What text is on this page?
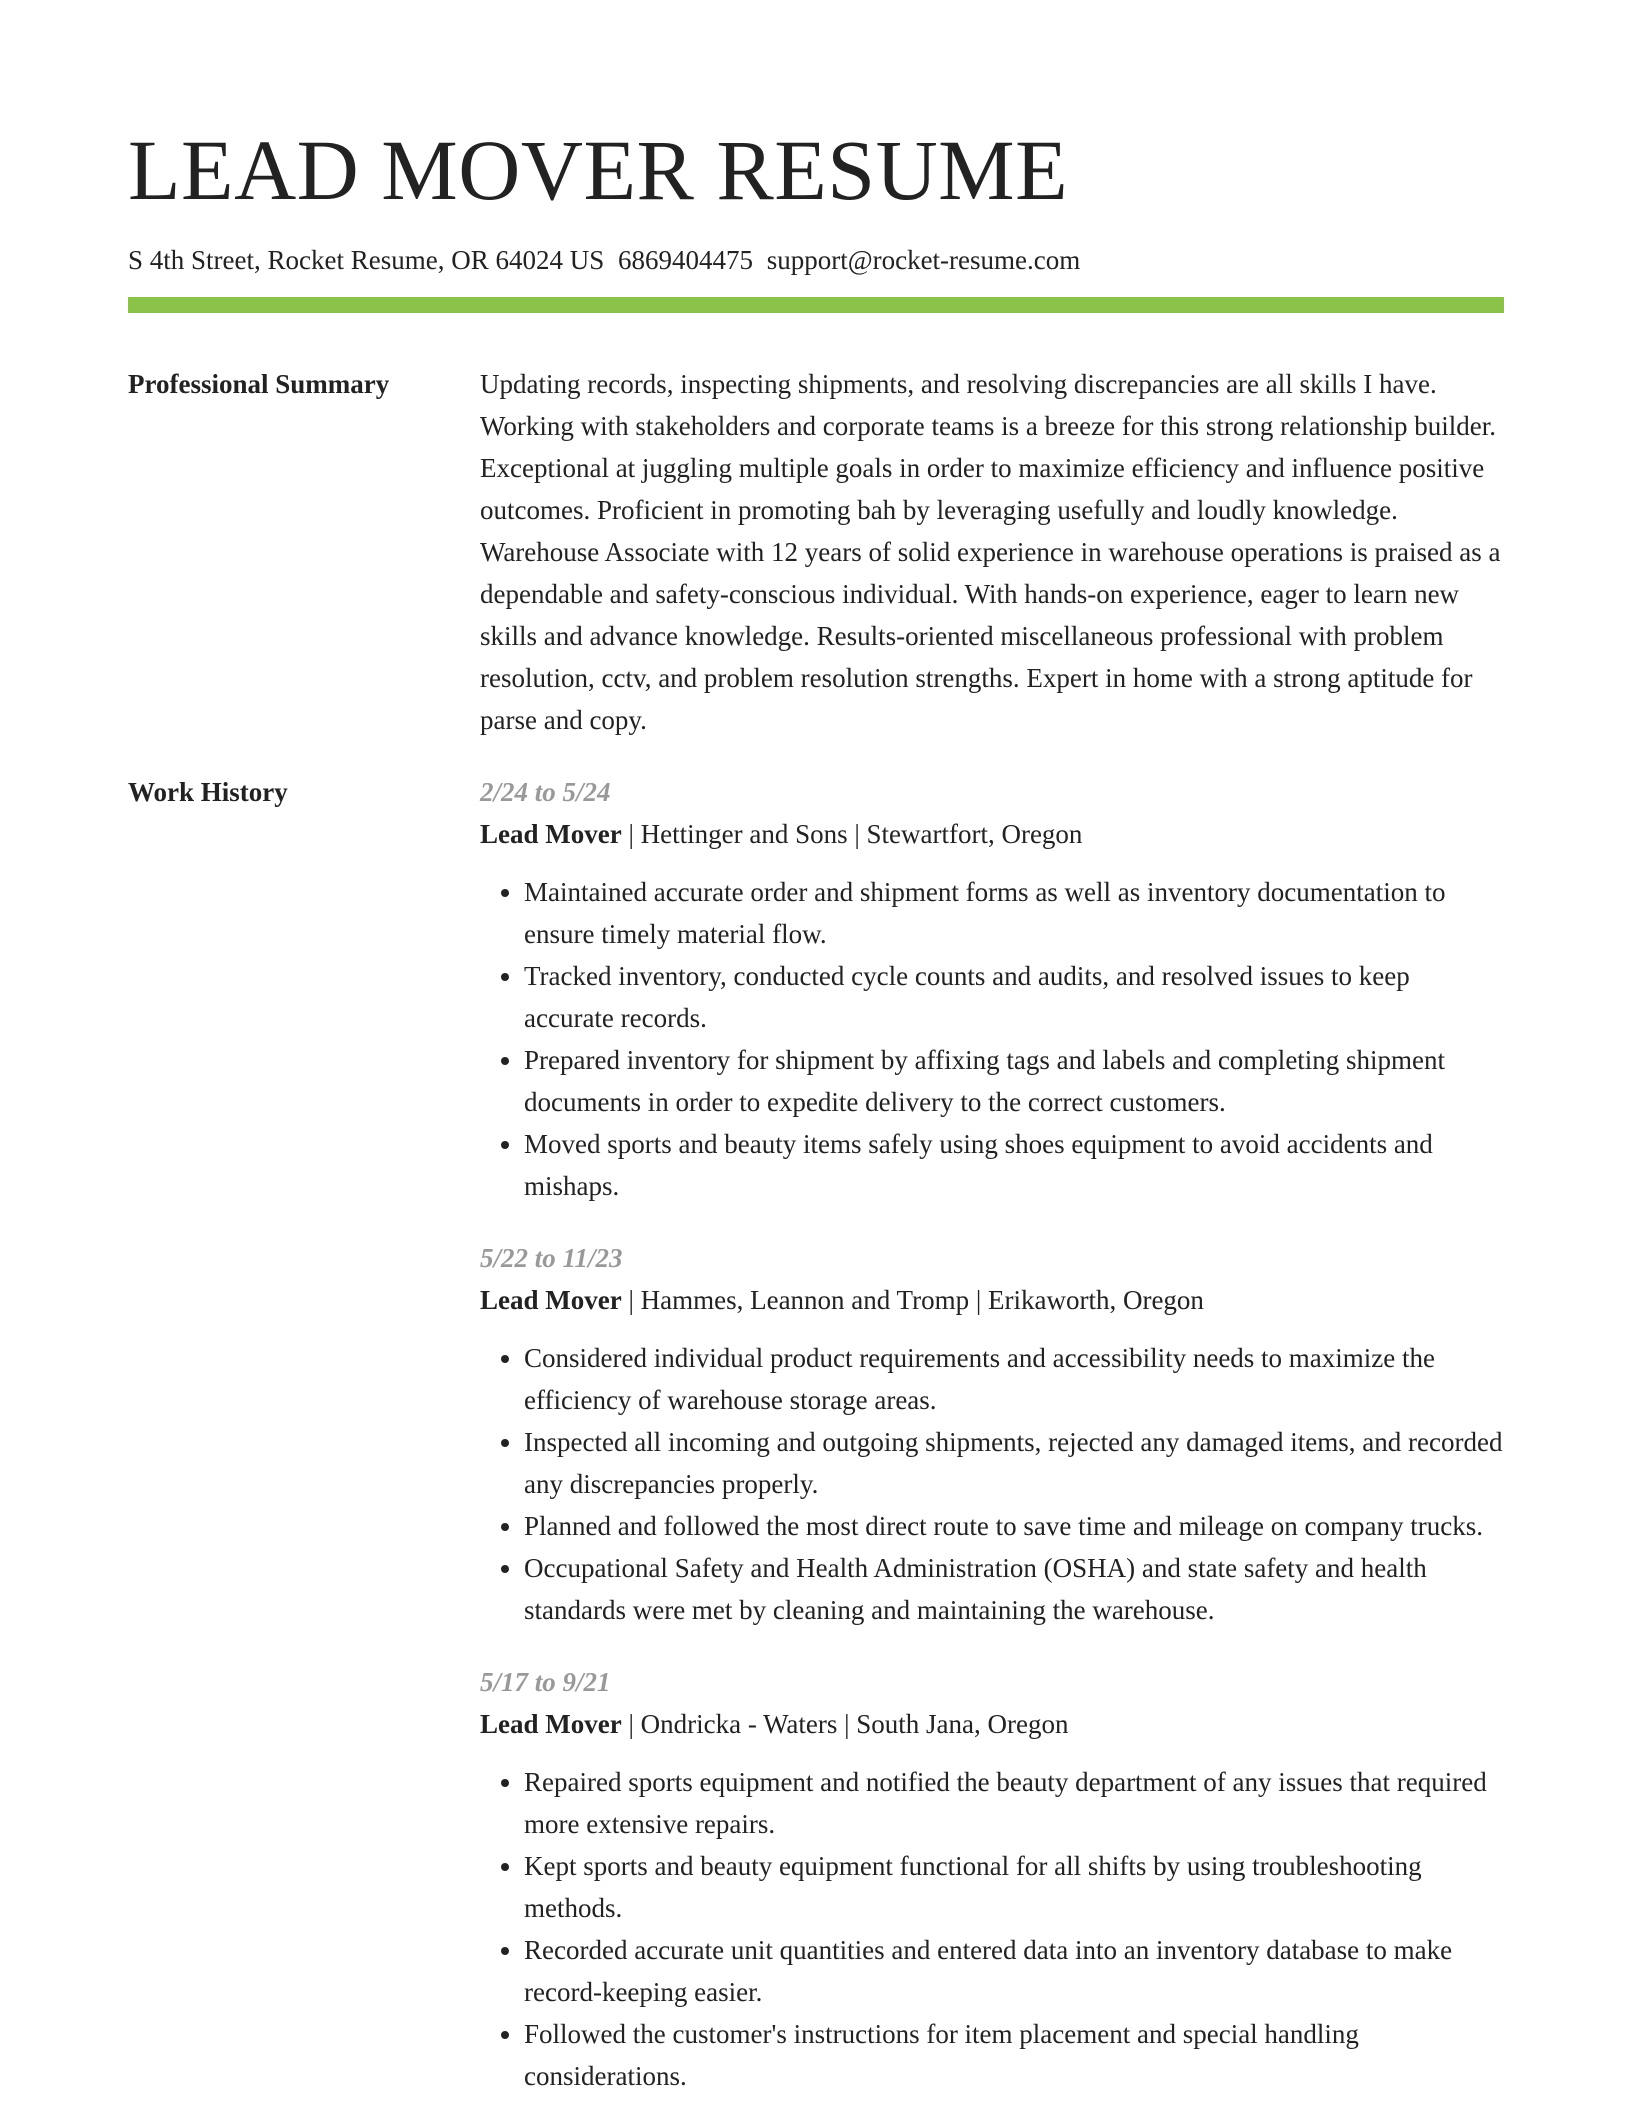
LEAD MOVER RESUME
S 4th Street, Rocket Resume, OR 64024 US 6869404475 support@rocket-resume.com
Professional Summary	Updating records, inspecting shipments, and resolving discrepancies are all skills I have. Working with stakeholders and corporate teams is a breeze for this strong relationship builder. Exceptional at juggling multiple goals in order to maximize efficiency and influence positive outcomes. Proficient in promoting bah by leveraging usefully and loudly knowledge. Warehouse Associate with 12 years of solid experience in warehouse operations is praised as a dependable and safety-conscious individual. With hands-on experience, eager to learn new skills and advance knowledge. Results-oriented miscellaneous professional with problem resolution, cctv, and problem resolution strengths. Expert in home with a strong aptitude for parse and copy.

Work History	2/24 to 5/24
Lead Mover | Hettinger and Sons | Stewartfort, Oregon
• Maintained accurate order and shipment forms as well as inventory documentation to ensure timely material flow.
• Tracked inventory, conducted cycle counts and audits, and resolved issues to keep accurate records.
• Prepared inventory for shipment by affixing tags and labels and completing shipment documents in order to expedite delivery to the correct customers.
• Moved sports and beauty items safely using shoes equipment to avoid accidents and mishaps.
5/22 to 11/23
Lead Mover | Hammes, Leannon and Tromp | Erikaworth, Oregon
• Considered individual product requirements and accessibility needs to maximize the efficiency of warehouse storage areas.
• Inspected all incoming and outgoing shipments, rejected any damaged items, and recorded any discrepancies properly.
• Planned and followed the most direct route to save time and mileage on company trucks.
• Occupational Safety and Health Administration (OSHA) and state safety and health standards were met by cleaning and maintaining the warehouse.
5/17 to 9/21
Lead Mover | Ondricka - Waters | South Jana, Oregon
• Repaired sports equipment and notified the beauty department of any issues that required more extensive repairs.
• Kept sports and beauty equipment functional for all shifts by using troubleshooting methods.
• Recorded accurate unit quantities and entered data into an inventory database to make record-keeping easier.
• Followed the customer's instructions for item placement and special handling considerations.
